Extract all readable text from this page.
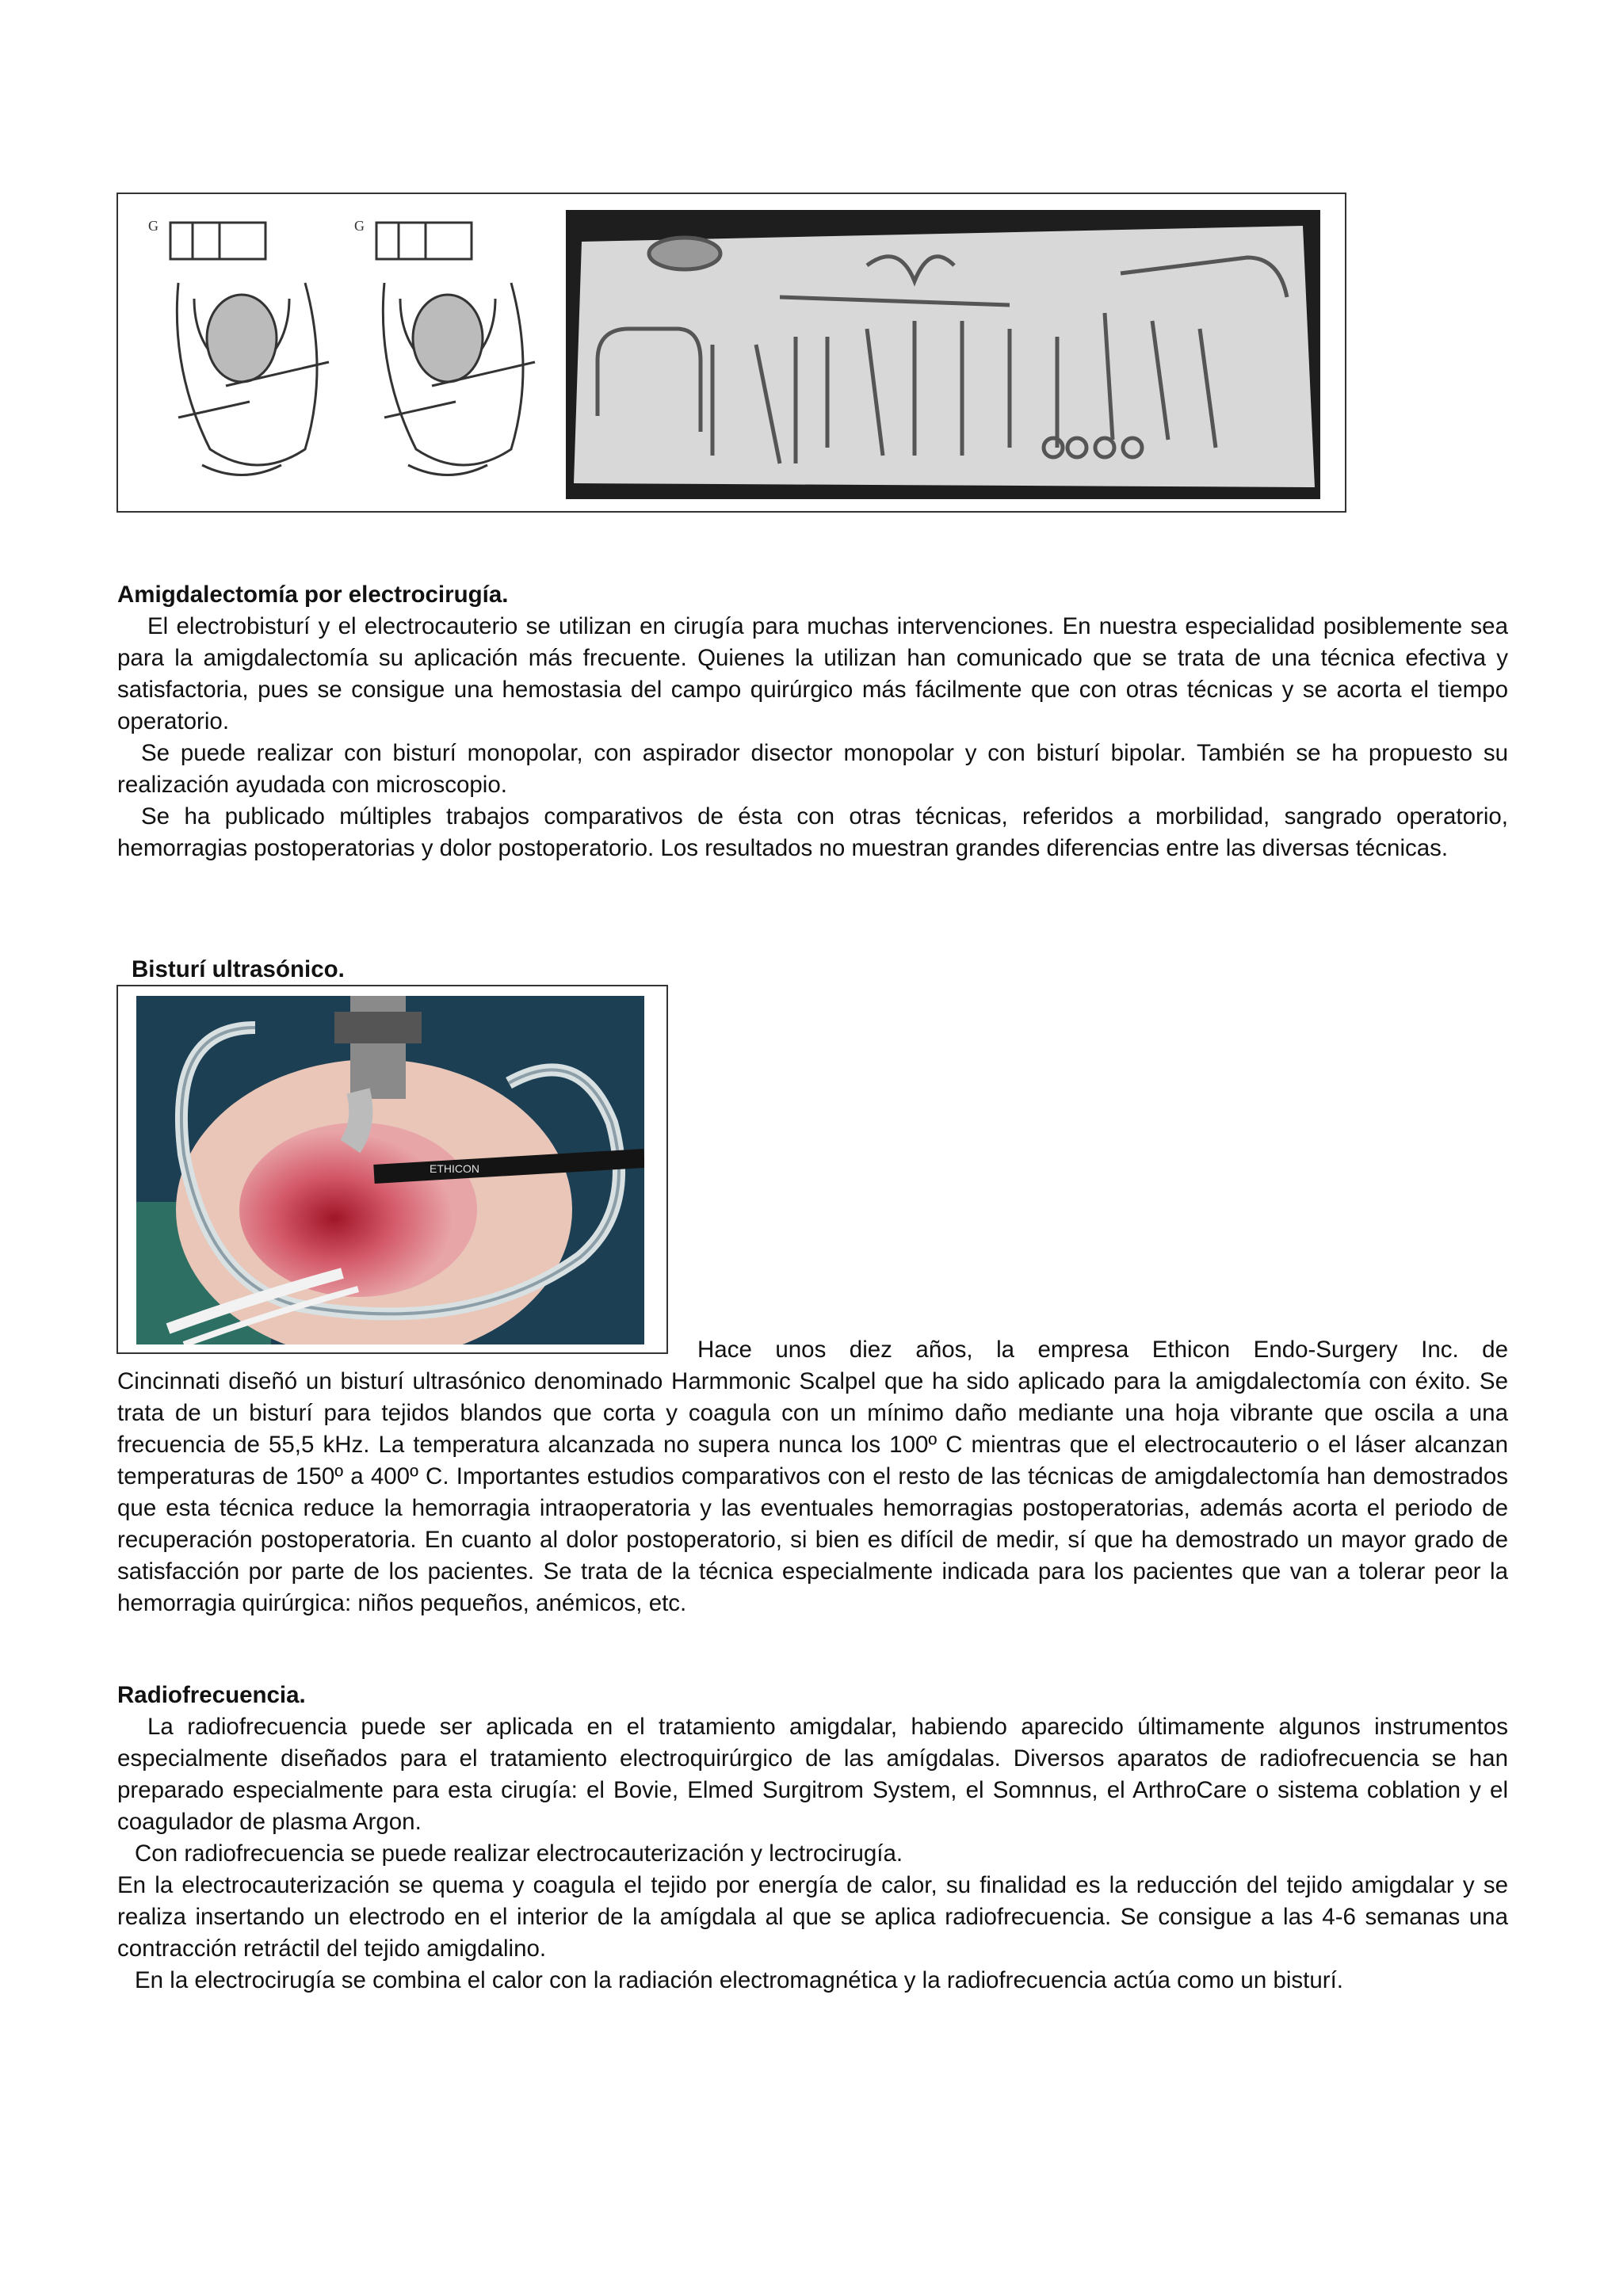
G	G
Amigdalectomía por electrocirugía.

El electrobisturí y el electrocauterio se utilizan en cirugía para muchas intervenciones. En nuestra especialidad posiblemente sea para la amigdalectomía su aplicación más frecuente. Quienes la utilizan han comunicado que se trata de una técnica efectiva y satisfactoria, pues se consigue una hemostasia del campo quirúrgico más fácilmente que con otras técnicas y se acorta el tiempo operatorio.

Se puede realizar con bisturí monopolar, con aspirador disector monopolar y con bisturí bipolar. También se ha propuesto su realización ayudada con microscopio.

Se ha publicado múltiples trabajos comparativos de ésta con otras técnicas, referidos a morbilidad, sangrado operatorio, hemorragias postoperatorias y dolor postoperatorio. Los resultados no muestran grandes diferencias entre las diversas técnicas.

Bisturí ultrasónico.
ETHICON
Hace unos diez años, la empresa Ethicon Endo-Surgery Inc. de
Cincinnati diseñó un bisturí ultrasónico denominado Harmmonic Scalpel que ha sido aplicado para la amigdalectomía con éxito. Se trata de un bisturí para tejidos blandos que corta y coagula con un mínimo daño mediante una hoja vibrante que oscila a una frecuencia de 55,5 kHz. La temperatura alcanzada no supera nunca los 100º C mientras que el electrocauterio o el láser alcanzan temperaturas de 150º a 400º C. Importantes estudios comparativos con el resto de las técnicas de amigdalectomía han demostrados que esta técnica reduce la hemorragia intraoperatoria y las eventuales hemorragias postoperatorias, además acorta el periodo de recuperación postoperatoria. En cuanto al dolor postoperatorio, si bien es difícil de medir, sí que ha demostrado un mayor grado de satisfacción por parte de los pacientes. Se trata de la técnica especialmente indicada para los pacientes que van a tolerar peor la hemorragia quirúrgica: niños pequeños, anémicos, etc.
Radiofrecuencia.

La radiofrecuencia puede ser aplicada en el tratamiento amigdalar, habiendo aparecido últimamente algunos instrumentos especialmente diseñados para el tratamiento electroquirúrgico de las amígdalas. Diversos aparatos de radiofrecuencia se han preparado especialmente para esta cirugía: el Bovie, Elmed Surgitrom System, el Somnnus, el ArthroCare o sistema coblation y el coagulador de plasma Argon.

Con radiofrecuencia se puede realizar electrocauterización y lectrocirugía.

En la electrocauterización se quema y coagula el tejido por energía de calor, su finalidad es la reducción del tejido amigdalar y se realiza insertando un electrodo en el interior de la amígdala al que se aplica radiofrecuencia. Se consigue a las 4-6 semanas una contracción retráctil del tejido amigdalino.

En la electrocirugía se combina el calor con la radiación electromagnética y la radiofrecuencia actúa como un bisturí.
